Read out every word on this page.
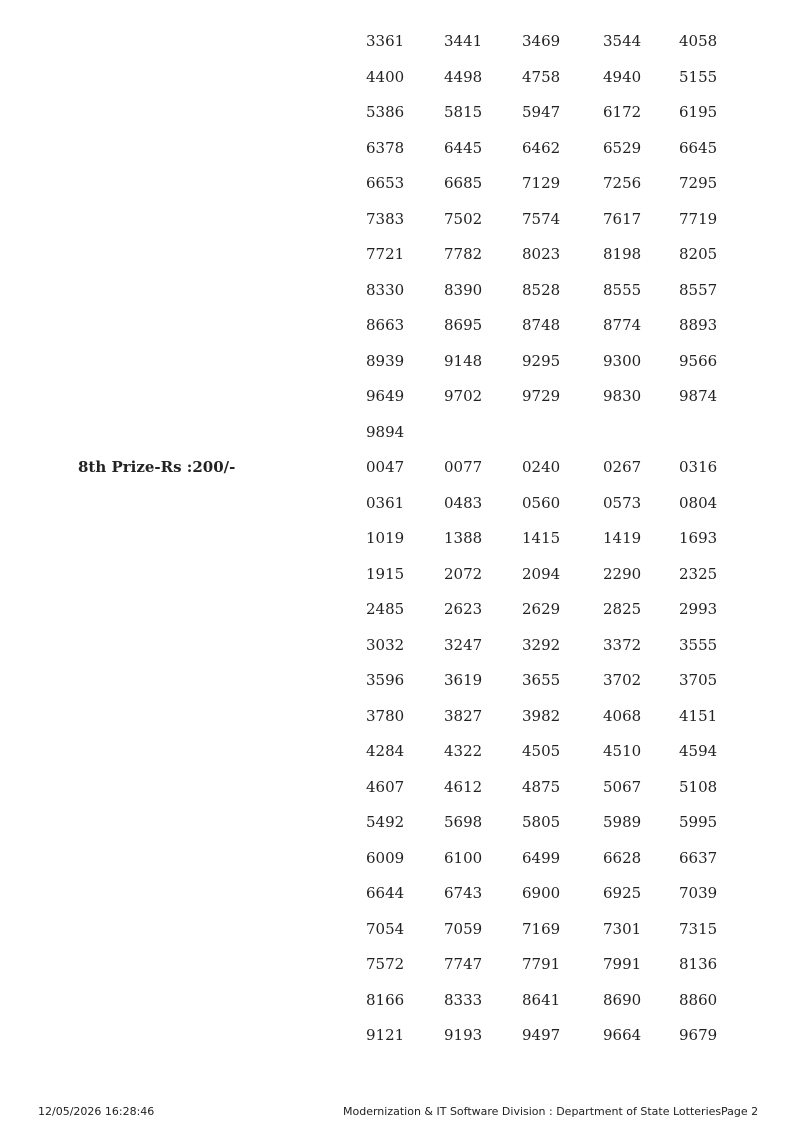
3361	3441	3469	3544	4058
4400	4498	4758	4940	5155
5386	5815	5947	6172	6195
6378	6445	6462	6529	6645
6653	6685	7129	7256	7295
7383	7502	7574	7617	7719
7721	7782	8023	8198	8205
8330	8390	8528	8555	8557
8663	8695	8748	8774	8893
8939	9148	9295	9300	9566
9649	9702	9729	9830	9874
9894
8th Prize-Rs :200/-	0047	0077	0240	0267	0316
0361	0483	0560	0573	0804
1019	1388	1415	1419	1693
1915	2072	2094	2290	2325
2485	2623	2629	2825	2993
3032	3247	3292	3372	3555
3596	3619	3655	3702	3705
3780	3827	3982	4068	4151
4284	4322	4505	4510	4594
4607	4612	4875	5067	5108
5492	5698	5805	5989	5995
6009	6100	6499	6628	6637
6644	6743	6900	6925	7039
7054	7059	7169	7301	7315
7572	7747	7791	7991	8136
8166	8333	8641	8690	8860
9121	9193	9497	9664	9679
12/05/2026 16:28:46	Modernization & IT Software Division : Department of State Lotteries Page 2
